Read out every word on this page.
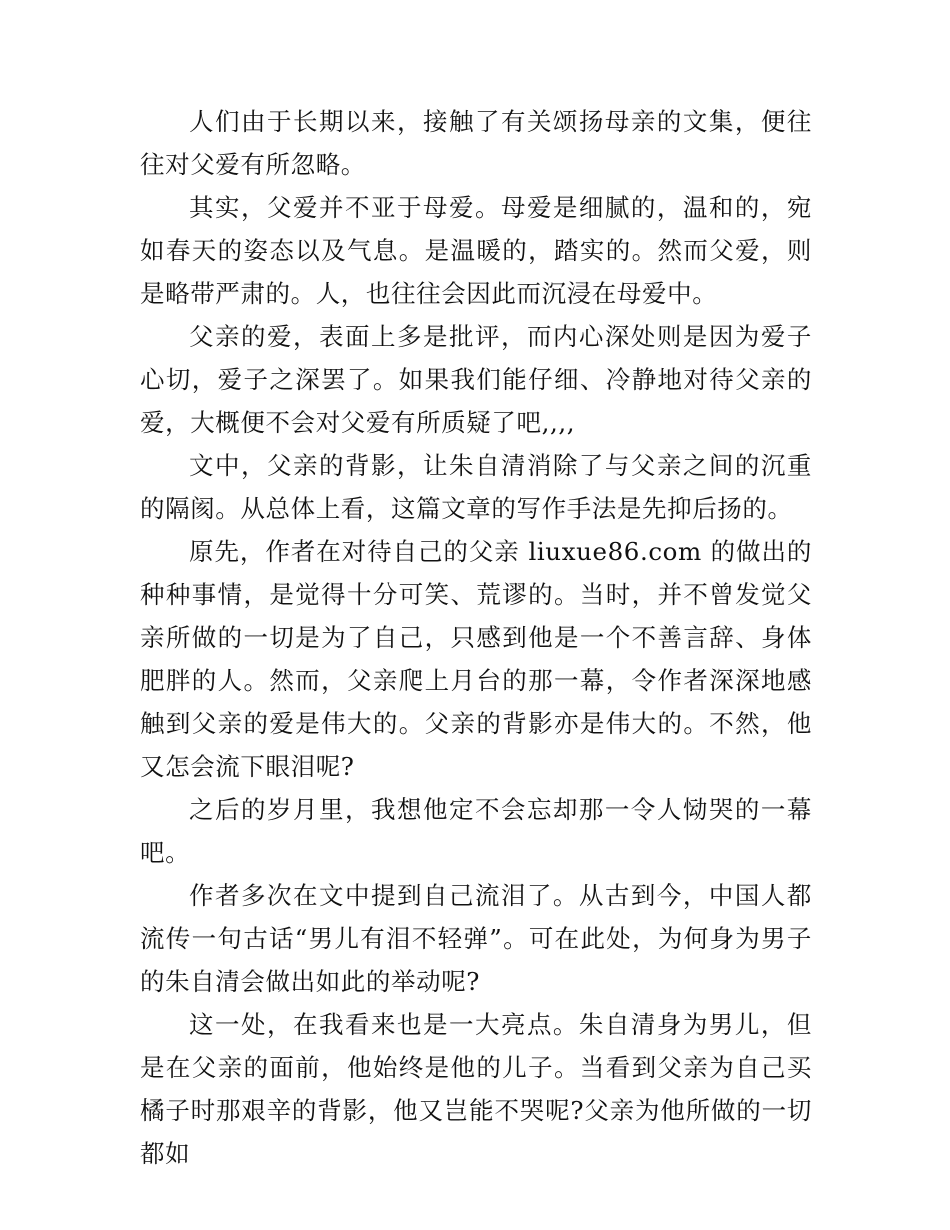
人们由于长期以来，接触了有关颂扬母亲的文集，便往往对父爱有所忽略。

其实，父爱并不亚于母爱。母爱是细腻的，温和的，宛如春天的姿态以及气息。是温暖的，踏实的。然而父爱，则是略带严肃的。人，也往往会因此而沉浸在母爱中。

父亲的爱，表面上多是批评，而内心深处则是因为爱子心切，爱子之深罢了。如果我们能仔细、冷静地对待父亲的爱，大概便不会对父爱有所质疑了吧,,,,

文中，父亲的背影，让朱自清消除了与父亲之间的沉重的隔阂。从总体上看，这篇文章的写作手法是先抑后扬的。

原先，作者在对待自己的父亲 liuxue86.com 的做出的种种事情，是觉得十分可笑、荒谬的。当时，并不曾发觉父亲所做的一切是为了自己，只感到他是一个不善言辞、身体肥胖的人。然而，父亲爬上月台的那一幕，令作者深深地感触到父亲的爱是伟大的。父亲的背影亦是伟大的。不然，他又怎会流下眼泪呢?

之后的岁月里，我想他定不会忘却那一令人恸哭的一幕吧。

作者多次在文中提到自己流泪了。从古到今，中国人都流传一句古话“男儿有泪不轻弹”。可在此处，为何身为男子的朱自清会做出如此的举动呢?

这一处，在我看来也是一大亮点。朱自清身为男儿，但是在父亲的面前，他始终是他的儿子。当看到父亲为自己买橘子时那艰辛的背影，他又岂能不哭呢?父亲为他所做的一切都如
